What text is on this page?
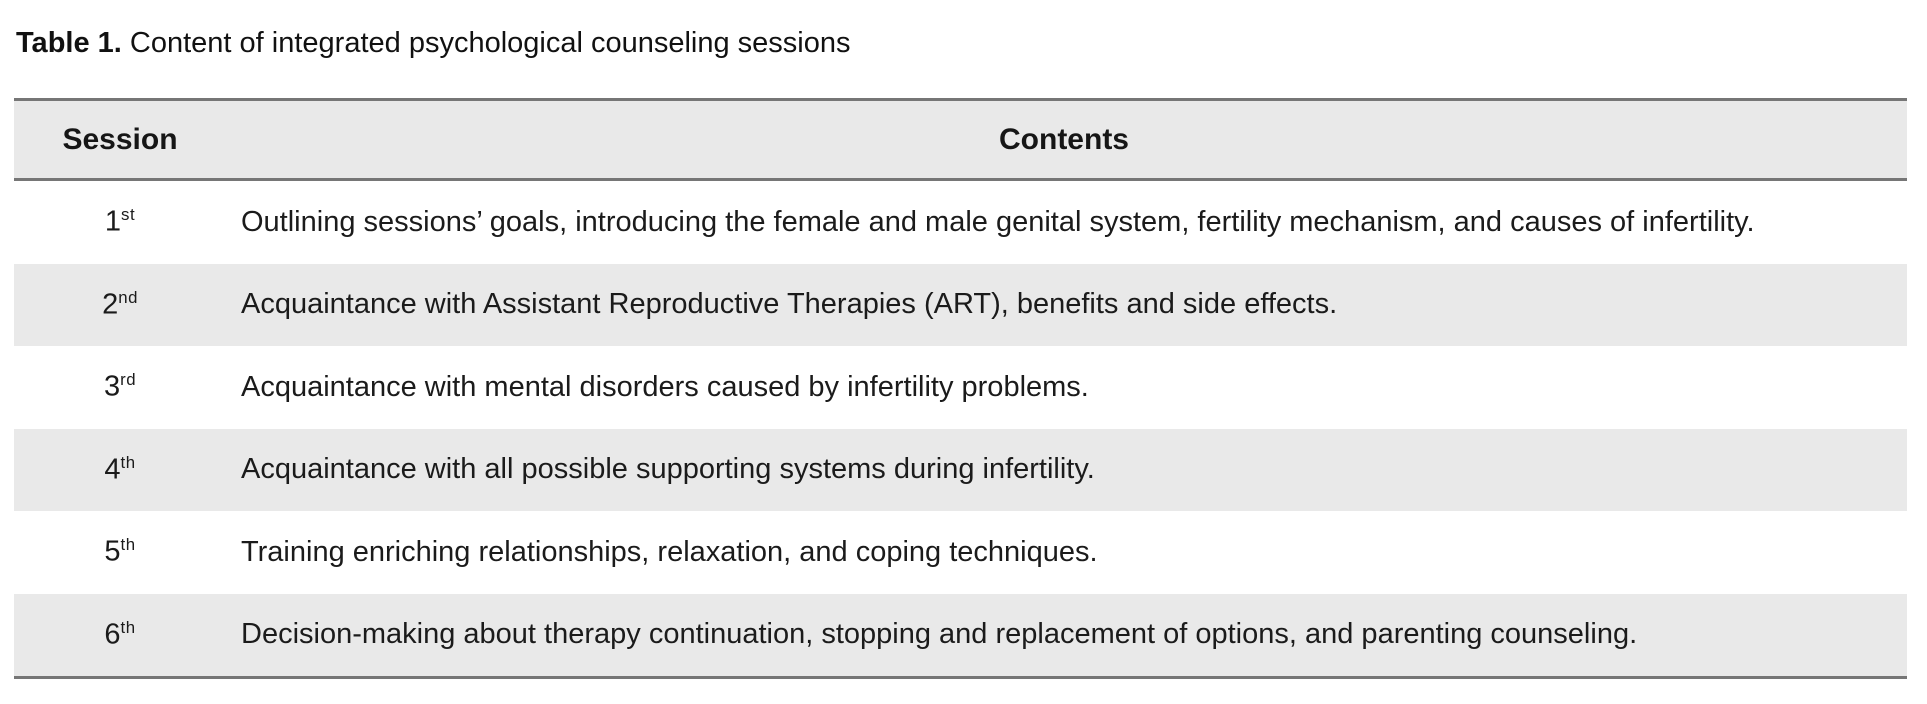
Table 1. Content of integrated psychological counseling sessions
Session	Contents
1st	Outlining sessions’ goals, introducing the female and male genital system, fertility mechanism, and causes of infertility.
2nd	Acquaintance with Assistant Reproductive Therapies (ART), benefits and side effects.
3rd	Acquaintance with mental disorders caused by infertility problems.
4th	Acquaintance with all possible supporting systems during infertility.
5th	Training enriching relationships, relaxation, and coping techniques.
6th	Decision-making about therapy continuation, stopping and replacement of options, and parenting counseling.
